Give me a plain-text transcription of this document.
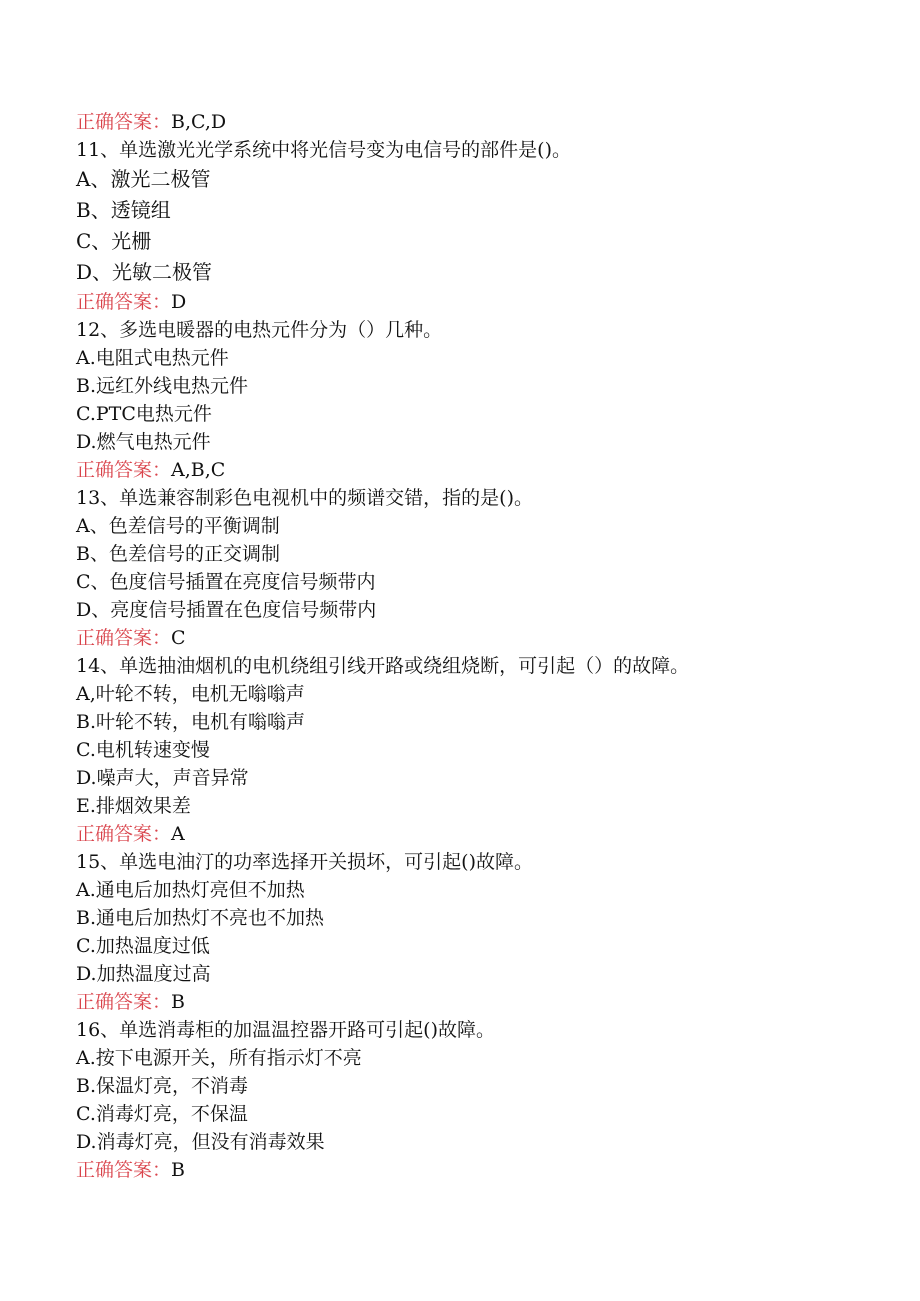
正确答案：B,C,D
11、单选激光光学系统中将光信号变为电信号的部件是()。
A、激光二极管
B、透镜组
C、光栅
D、光敏二极管
正确答案：D
12、多选电暖器的电热元件分为（）几种。
A.电阻式电热元件
B.远红外线电热元件
C.PTC电热元件
D.燃气电热元件
正确答案：A,B,C
13、单选兼容制彩色电视机中的频谱交错，指的是()。
A、色差信号的平衡调制
B、色差信号的正交调制
C、色度信号插置在亮度信号频带内
D、亮度信号插置在色度信号频带内
正确答案：C
14、单选抽油烟机的电机绕组引线开路或绕组烧断，可引起（）的故障。
A,叶轮不转，电机无嗡嗡声
B.叶轮不转，电机有嗡嗡声
C.电机转速变慢
D.噪声大，声音异常
E.排烟效果差
正确答案：A
15、单选电油汀的功率选择开关损坏，可引起()故障。
A.通电后加热灯亮但不加热
B.通电后加热灯不亮也不加热
C.加热温度过低
D.加热温度过高
正确答案：B
16、单选消毒柜的加温温控器开路可引起()故障。
A.按下电源开关，所有指示灯不亮
B.保温灯亮，不消毒
C.消毒灯亮，不保温
D.消毒灯亮，但没有消毒效果
正确答案：B
